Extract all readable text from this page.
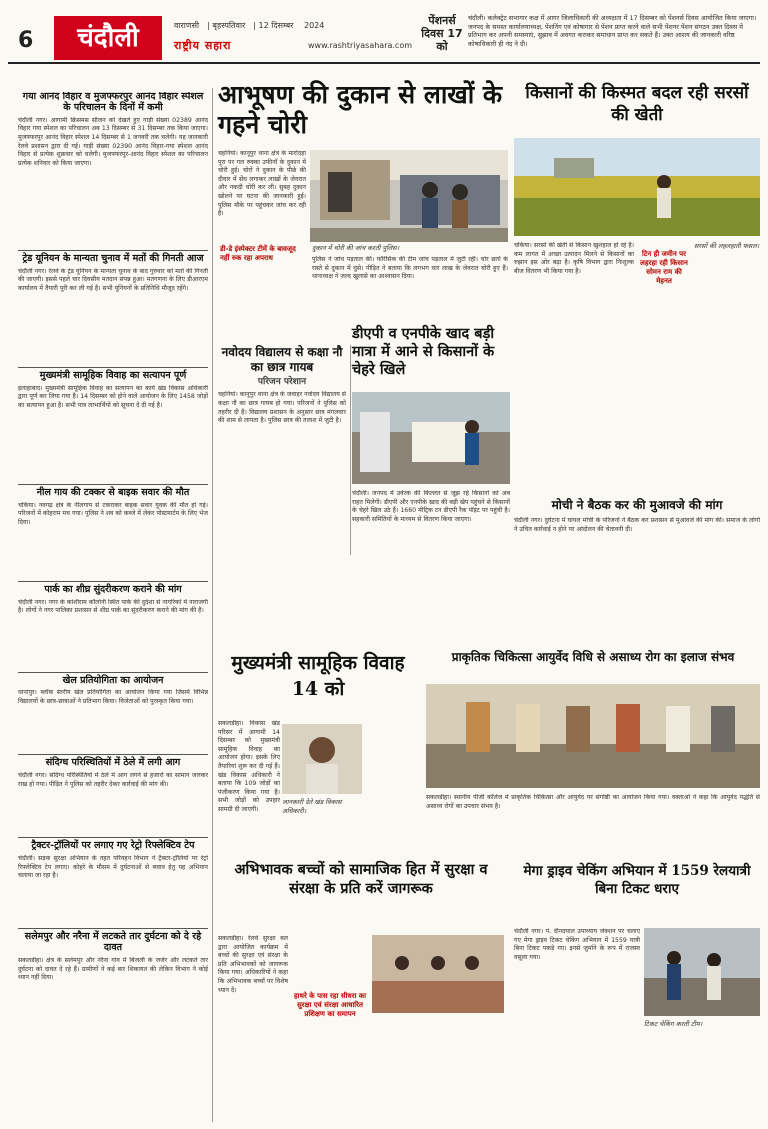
6	चंदौली	वाराणसी | बृहस्पतिवार | 12 दिसम्बर 2024
राष्ट्रीय सहारा	www.rashtriyasahara.com
पेंशनर्स दिवस 17 को
चंदौली। कलेक्ट्रेट सभागार कक्ष में आगर जिलाधिकारी की अध्यक्षता में 17 दिसम्बर को पेंशनर्स दिवस आयोजित किया जाएगा। जनपद के समस्त कार्यालयाध्यक्ष, पेंशनिंग एवं कोषागार से पेंशन प्राप्त करने वाले सभी पेंशनर पेंशन संगठन उक्त दिवस में प्रतिभाग कर अपनी समस्याएं, सुझाव में अवगत कराकर समाधान प्राप्त कर सकते हैं। उक्त आशय की जानकारी वरिष्ठ कोषाधिकारी ही नंद ने दी।
गया आनंद विहार व मुजफ्फरपुर आनंद विहार स्पेशल के परिचालन के दिनों में कमी
चंदौली नगर। आगामी क्रिसमस सीजन को देखते हुए गाड़ी संख्या 02389 आनंद विहार गया स्पेशल का परिचालन अब 13 दिसम्बर से 31 दिसम्बर तक किया जाएगा। मुजफ्फरपुर आनंद विहार स्पेशल 14 दिसम्बर से 1 जनवरी तक चलेगी। यह जानकारी रेलवे प्रशासन द्वारा दी गई। गाड़ी संख्या 02390 आनंद विहार-गया स्पेशल आनंद विहार से प्रत्येक शुक्रवार को चलेगी। मुजफ्फरपुर-आनंद विहार स्पेशल का परिचालन प्रत्येक शनिवार को किया जाएगा।
ट्रेड यूनियन के मान्यता चुनाव में मतों की गिनती आज
चंदौली नगर। रेलवे के ट्रेड यूनियन के मान्यता चुनाव के बाद गुरुवार को मतों की गिनती की जाएगी। इससे पहले चार दिवसीय मतदान संपन्न हुआ। मतगणना के लिए डीआरएम कार्यालय में तैयारी पूरी कर ली गई है। सभी यूनियनों के प्रतिनिधि मौजूद रहेंगे।
मुख्यमंत्री सामूहिक विवाह का सत्यापन पूर्ण
इलाहाबाद। मुख्यमंत्री सामूहिक विवाह का सत्यापन का कार्य खंड विकास अधिकारी द्वारा पूर्ण कर लिया गया है। 14 दिसम्बर को होने वाले आयोजन के लिए 1458 जोड़ों का सत्यापन हुआ है। सभी पात्र लाभार्थियों को सूचना दे दी गई है।
नील गाय की टक्कर से बाइक सवार की मौत
चकिया। नवगढ़ क्षेत्र के नीलगाय से टकराकर बाइक सवार युवक की मौत हो गई। परिजनों में कोहराम मच गया। पुलिस ने शव को कब्जे में लेकर पोस्टमार्टम के लिए भेज दिया।
पार्क का शीघ्र सुंदरीकरण कराने की मांग
चंदौली नगर। नगर के कांशीराम कॉलोनी स्थित पार्क की दुर्दशा से नागरिकों में नाराजगी है। लोगों ने नगर पालिका प्रशासन से शीघ्र पार्क का सुंदरीकरण कराने की मांग की है।
खेल प्रतियोगिता का आयोजन
धानापुर। ब्लॉक स्तरीय खेल प्रतियोगिता का आयोजन किया गया जिसमें विभिन्न विद्यालयों के छात्र-छात्राओं ने प्रतिभाग किया। विजेताओं को पुरस्कृत किया गया।
संदिग्ध परिस्थितियों में ठेले में लगी आग
चंदौली नगर। संदिग्ध परिस्थितियों में ठेले में आग लगने से हजारों का सामान जलकर राख हो गया। पीड़ित ने पुलिस को तहरीर देकर कार्रवाई की मांग की।
ट्रैक्टर-ट्रॉलियों पर लगाए गए रेट्रो रिफ्लेक्टिव टेप
चंदौली। सड़क सुरक्षा अभियान के तहत परिवहन विभाग ने ट्रैक्टर-ट्रॉलियों पर रेट्रो रिफ्लेक्टिव टेप लगाए। कोहरे के मौसम में दुर्घटनाओं से बचाव हेतु यह अभियान चलाया जा रहा है।
सलेमपुर और नरैना में लटकते तार दुर्घटना को दे रहे दावत
सकलडीहा। क्षेत्र के सलेमपुर और नरैना गांव में बिजली के जर्जर और लटकते तार दुर्घटना को दावत दे रहे हैं। ग्रामीणों ने कई बार शिकायत की लेकिन विभाग ने कोई ध्यान नहीं दिया।
आभूषण की दुकान से लाखों के गहने चोरी
चहनियां। कानूपुर थाना क्षेत्र के मारोदहा पुरा पर गल रुक्का उफीनाँ के दुकान में चोरी हुई। चोरों ने दुकान के पीछे की दीवार में सेंध लगाकर लाखों के जेवरात और नकदी चोरी कर ली। सुबह दुकान खोलने पर घटना की जानकारी हुई। पुलिस मौके पर पहुंचकर जांच कर रही है।
डी-डे इंस्पेक्टर टीमें के बावजूद नहीं रुक रहा अपराध
दुकान में चोरी की जांच करती पुलिस।
पुलिस ने जांच पड़ताल की। फॉरेंसिक की टीम जांच पड़ताल में जुटी रही। चोर छतों के रास्ते से दुकान में घुसे। पीड़ित ने बताया कि लगभग चार लाख के जेवरात चोरी हुए हैं। थानाध्यक्ष ने जल्द खुलासे का आश्वासन दिया।
नवोदय विद्यालय से कक्षा नौ का छात्र गायब
परिजन परेशान
चहनियां। कानूपुर थाना क्षेत्र के जवाहर नवोदय विद्यालय से कक्षा नौ का छात्र गायब हो गया। परिजनों ने पुलिस को तहरीर दी है। विद्यालय प्रशासन के अनुसार छात्र मंगलवार की शाम से लापता है। पुलिस छात्र की तलाश में जुटी है।
किसानों की किस्मत बदल रही सरसों की खेती
चकिया। सरसों की खेती से किसान खुशहाल हो रहे हैं। कम लागत में अच्छा उत्पादन मिलने से किसानों का रुझान इस ओर बढ़ा है। कृषि विभाग द्वारा निःशुल्क बीज वितरण भी किया गया है।
टिन ही जमीन पर लहरहा रही किसान सोमन राम की मेहनत
सरसों की लहलहाती फसल।
डीएपी व एनपीके खाद बड़ी मात्रा में आने से किसानों के चेहरे खिले
चंदौली। जनपद में उर्वरक की किल्लत से जूझ रहे किसानों को अब राहत मिलेगी। डीएपी और एनपीके खाद की बड़ी खेप पहुंचने से किसानों के चेहरे खिल उठे हैं। 1660 मीट्रिक टन डीएपी रैक पॉइंट पर पहुंची है। सहकारी समितियों के माध्यम से वितरण किया जाएगा।
मोची ने बैठक कर की मुआवजे की मांग
चंदौली नगर। दुर्घटना में घायल मोची के परिजनों ने बैठक कर प्रशासन से मुआवजे की मांग की। समाज के लोगों ने उचित कार्रवाई न होने पर आंदोलन की चेतावनी दी।
मुख्यमंत्री सामूहिक विवाह 14 को
सकलडीहा। विकास खंड परिसर में आगामी 14 दिसम्बर को मुख्यमंत्री सामूहिक विवाह का आयोजन होगा। इसके लिए तैयारियां शुरू कर दी गई हैं। खंड विकास अधिकारी ने बताया कि 109 जोड़ों का पंजीकरण किया गया है। सभी जोड़ों को उपहार सामग्री दी जाएगी।
जानकारी देते खंड विकास अधिकारी।
प्राकृतिक चिकित्सा आयुर्वेद विधि से असाध्य रोग का इलाज संभव
सकलडीहा। स्थानीय पीजी कॉलेज में प्राकृतिक चिकित्सा और आयुर्वेद पर संगोष्ठी का आयोजन किया गया। वक्ताओं ने कहा कि आयुर्वेद पद्धति से असाध्य रोगों का उपचार संभव है।
अभिभावक बच्चों को सामाजिक हित में सुरक्षा व संरक्षा के प्रति करें जागरूक
सकलडीहा। रेलवे सुरक्षा बल द्वारा आयोजित कार्यक्रम में बच्चों की सुरक्षा एवं संरक्षा के प्रति अभिभावकों को जागरूक किया गया। अधिकारियों ने कहा कि अभिभावक बच्चों पर विशेष ध्यान दें।
हाथरे के पास रहा सीधरा का सुरक्षा एवं संरक्षा आधारित प्रशिक्षण का समापन
मेगा ड्राइव चेकिंग अभियान में 1559 रेलयात्री बिना टिकट धराए
चंदौली नगर। पं. दीनदयाल उपाध्याय जंक्शन पर चलाए गए मेगा ड्राइव टिकट चेकिंग अभियान में 1559 यात्री बिना टिकट पकड़े गए। इनसे जुर्माने के रूप में राजस्व वसूला गया।
टिकट चेकिंग करती टीम।
